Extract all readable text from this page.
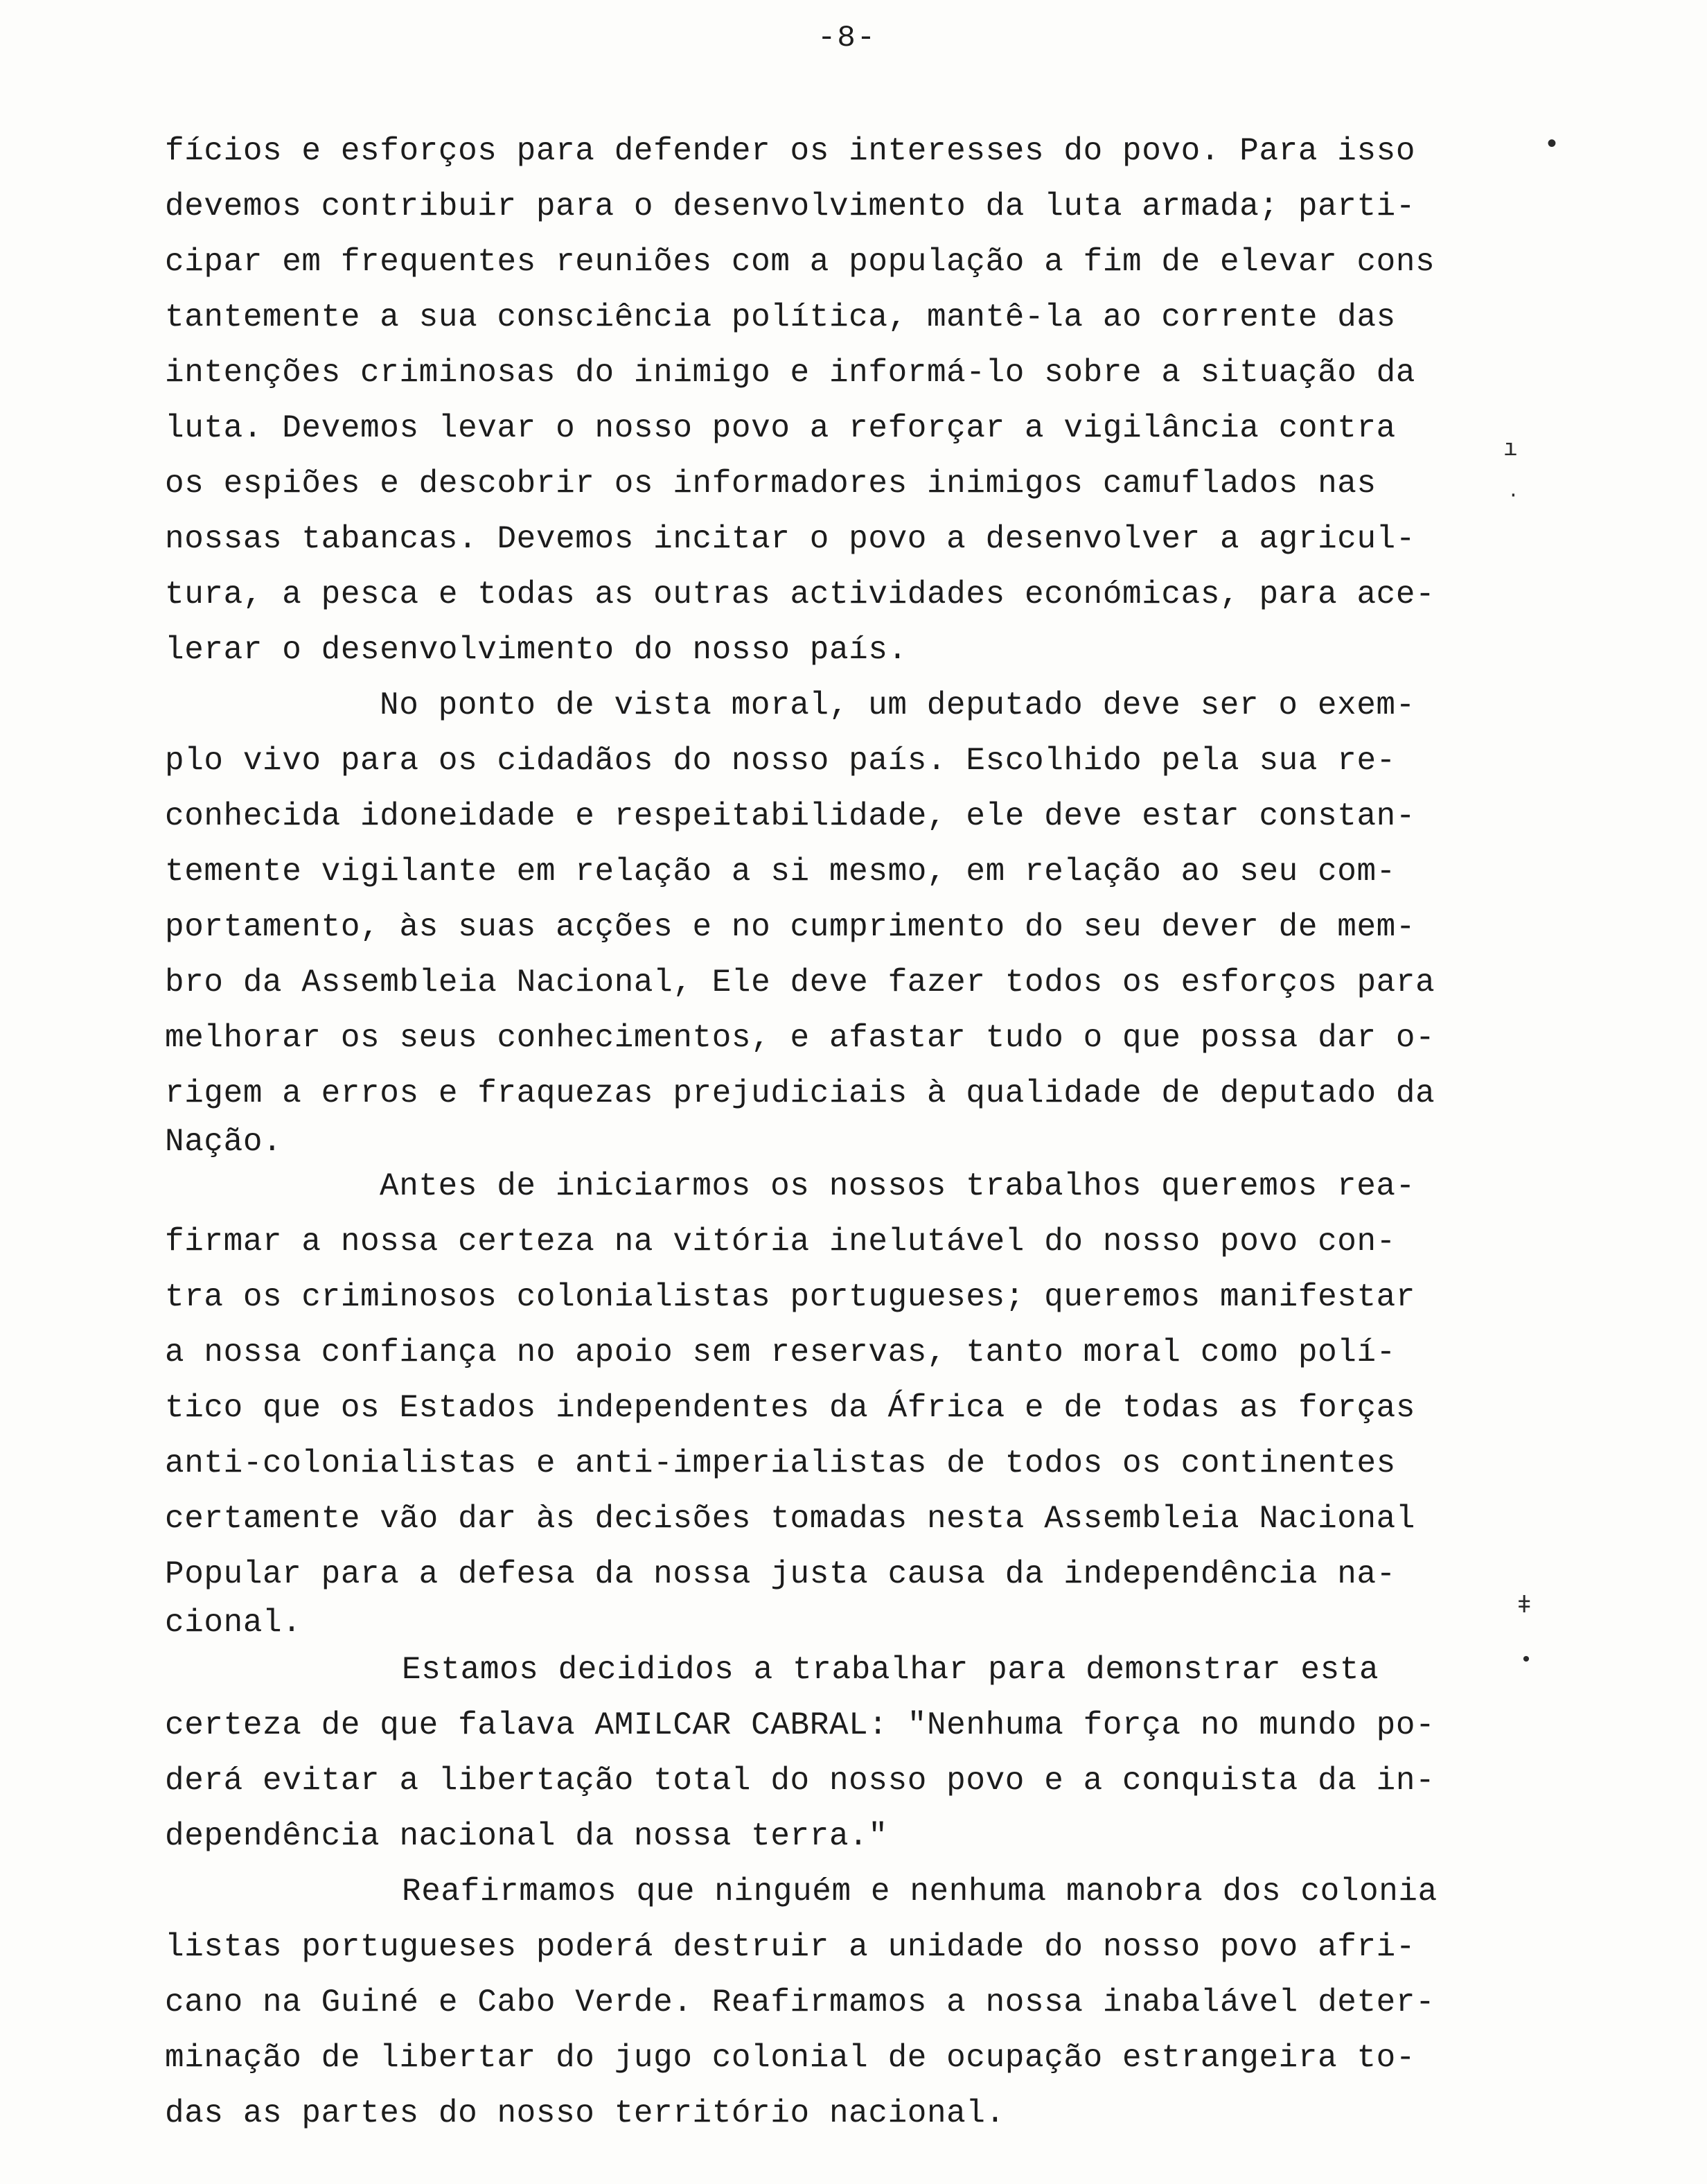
-8-
fícios e esforços para defender os interesses do povo. Para isso
devemos contribuir para o desenvolvimento da luta armada; parti-
cipar em frequentes reuniões com a população a fim de elevar cons
tantemente a sua consciência política, mantê-la ao corrente das
intenções criminosas do inimigo e informá-lo sobre a situação da
luta. Devemos levar o nosso povo a reforçar a vigilância contra
os espiões e descobrir os informadores inimigos camuflados nas
nossas tabancas. Devemos incitar o povo a desenvolver a agricul-
tura, a pesca e todas as outras actividades económicas, para ace-
lerar o desenvolvimento do nosso país.
No ponto de vista moral, um deputado deve ser o exem-
plo vivo para os cidadãos do nosso país. Escolhido pela sua re-
conhecida idoneidade e respeitabilidade, ele deve estar constan-
temente vigilante em relação a si mesmo, em relação ao seu com-
portamento, às suas acções e no cumprimento do seu dever de mem-
bro da Assembleia Nacional, Ele deve fazer todos os esforços para
melhorar os seus conhecimentos, e afastar tudo o que possa dar o-
rigem a erros e fraquezas prejudiciais à qualidade de deputado da
Nação.
Antes de iniciarmos os nossos trabalhos queremos rea-
firmar a nossa certeza na vitória inelutável do nosso povo con-
tra os criminosos colonialistas portugueses; queremos manifestar
a nossa confiança no apoio sem reservas, tanto moral como polí-
tico que os Estados independentes da África e de todas as forças
anti-colonialistas e anti-imperialistas de todos os continentes
certamente vão dar às decisões tomadas nesta Assembleia Nacional
Popular para a defesa da nossa justa causa da independência na-
cional.
Estamos decididos a trabalhar para demonstrar esta
certeza de que falava AMILCAR CABRAL: "Nenhuma força no mundo po-
derá evitar a libertação total do nosso povo e a conquista da in-
dependência nacional da nossa terra."
Reafirmamos que ninguém e nenhuma manobra dos colonia
listas portugueses poderá destruir a unidade do nosso povo afri-
cano na Guiné e Cabo Verde. Reafirmamos a nossa inabalável deter-
minação de libertar do jugo colonial de ocupação estrangeira to-
das as partes do nosso território nacional.
•
ı
·
ǂ
•
